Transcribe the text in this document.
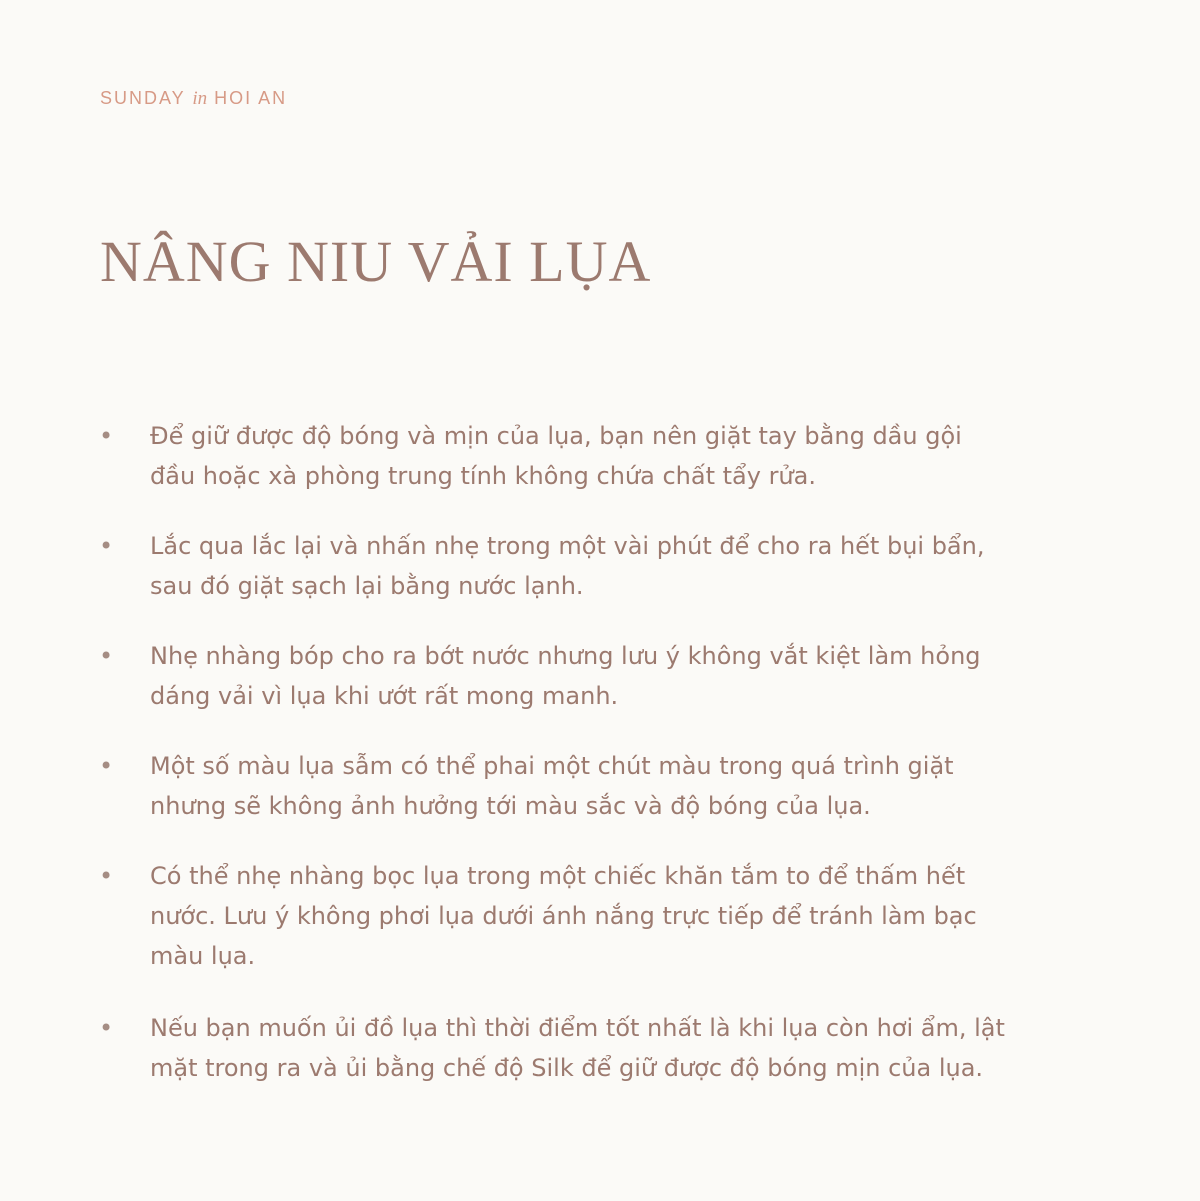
SUNDAY in HOI AN
NÂNG NIU VẢI LỤA
• Để giữ được độ bóng và mịn của lụa, bạn nên giặt tay bằng dầu gội
đầu hoặc xà phòng trung tính không chứa chất tẩy rửa.
• Lắc qua lắc lại và nhấn nhẹ trong một vài phút để cho ra hết bụi bẩn,
sau đó giặt sạch lại bằng nước lạnh.
• Nhẹ nhàng bóp cho ra bớt nước nhưng lưu ý không vắt kiệt làm hỏng
dáng vải vì lụa khi ướt rất mong manh.
• Một số màu lụa sẫm có thể phai một chút màu trong quá trình giặt
nhưng sẽ không ảnh hưởng tới màu sắc và độ bóng của lụa.
• Có thể nhẹ nhàng bọc lụa trong một chiếc khăn tắm to để thấm hết
nước. Lưu ý không phơi lụa dưới ánh nắng trực tiếp để tránh làm bạc
màu lụa.
• Nếu bạn muốn ủi đồ lụa thì thời điểm tốt nhất là khi lụa còn hơi ẩm, lật
mặt trong ra và ủi bằng chế độ Silk để giữ được độ bóng mịn của lụa.
